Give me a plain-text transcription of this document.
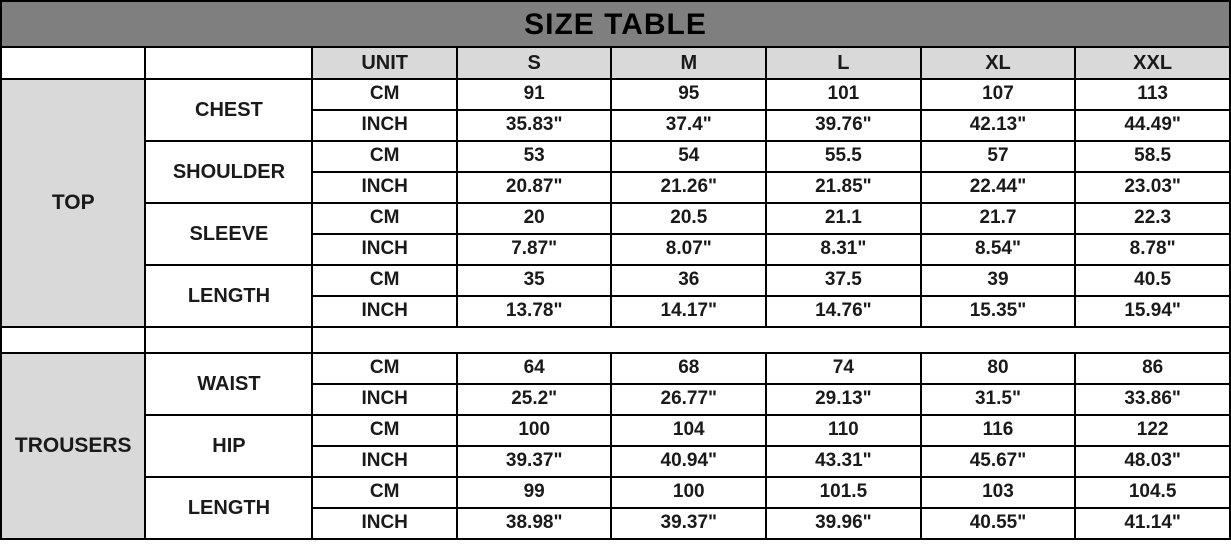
SIZE TABLE							
		UNIT	S	M	L	XL	XXL
TOP	CHEST	CM	91	95	101	107	113
		INCH	35.83"	37.4"	39.76"	42.13"	44.49"
	SHOULDER	CM	53	54	55.5	57	58.5
		INCH	20.87"	21.26"	21.85"	22.44"	23.03"
	SLEEVE	CM	20	20.5	21.1	21.7	22.3
		INCH	7.87"	8.07"	8.31"	8.54"	8.78"
	LENGTH	CM	35	36	37.5	39	40.5
		INCH	13.78"	14.17"	14.76"	15.35"	15.94"

TROUSERS	WAIST	CM	64	68	74	80	86
		INCH	25.2"	26.77"	29.13"	31.5"	33.86"
	HIP	CM	100	104	110	116	122
		INCH	39.37"	40.94"	43.31"	45.67"	48.03"
	LENGTH	CM	99	100	101.5	103	104.5
		INCH	38.98"	39.37"	39.96"	40.55"	41.14"
